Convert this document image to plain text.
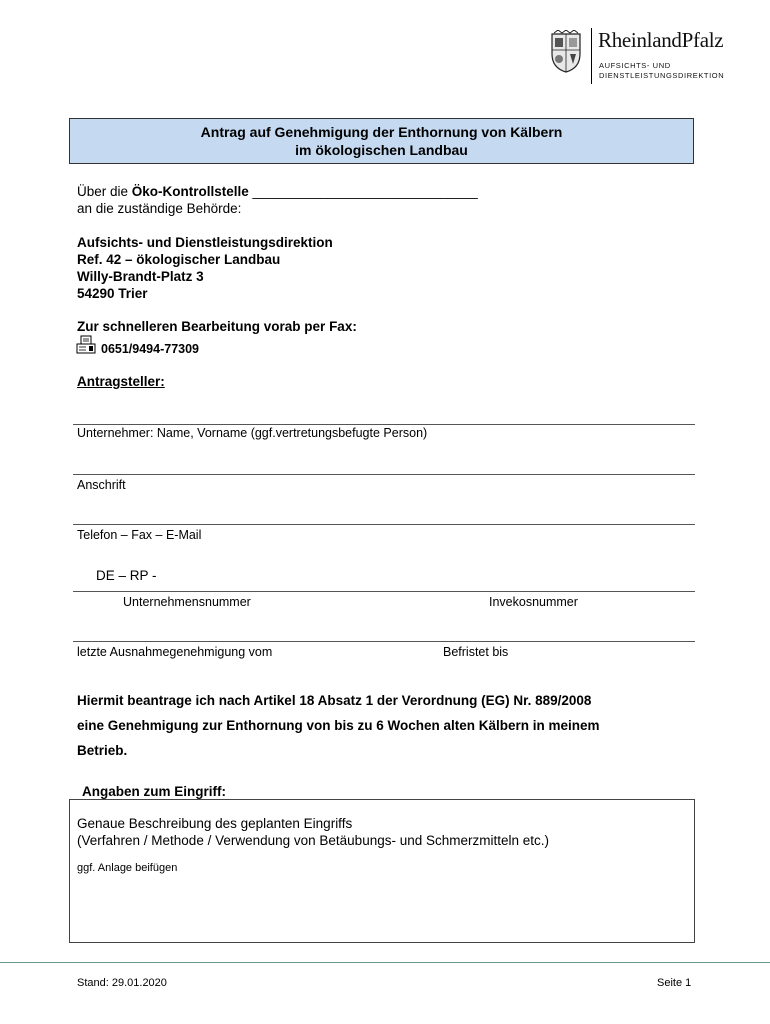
RheinlandPfalz
AUFSICHTS- UND
DIENSTLEISTUNGSDIREKTION
Antrag auf Genehmigung der Enthornung von Kälbern
im ökologischen Landbau
Über die Öko-Kontrollstelle ______________________________
an die zuständige Behörde:
Aufsichts- und Dienstleistungsdirektion
Ref. 42 – ökologischer Landbau
Willy-Brandt-Platz 3
54290 Trier
Zur schnelleren Bearbeitung vorab per Fax:
0651/9494-77309
Antragsteller:
Unternehmer: Name, Vorname (ggf.vertretungsbefugte Person)
Anschrift
Telefon – Fax – E-Mail
DE – RP -
Unternehmensnummer	Invekosnummer
letzte Ausnahmegenehmigung vom	Befristet bis
Hiermit beantrage ich nach Artikel 18 Absatz 1 der Verordnung (EG) Nr. 889/2008
eine Genehmigung zur Enthornung von bis zu 6 Wochen alten Kälbern in meinem
Betrieb.
Angaben zum Eingriff:
Genaue Beschreibung des geplanten Eingriffs
(Verfahren / Methode / Verwendung von Betäubungs- und Schmerzmitteln etc.)
ggf. Anlage beifügen
Stand: 29.01.2020	Seite 1
